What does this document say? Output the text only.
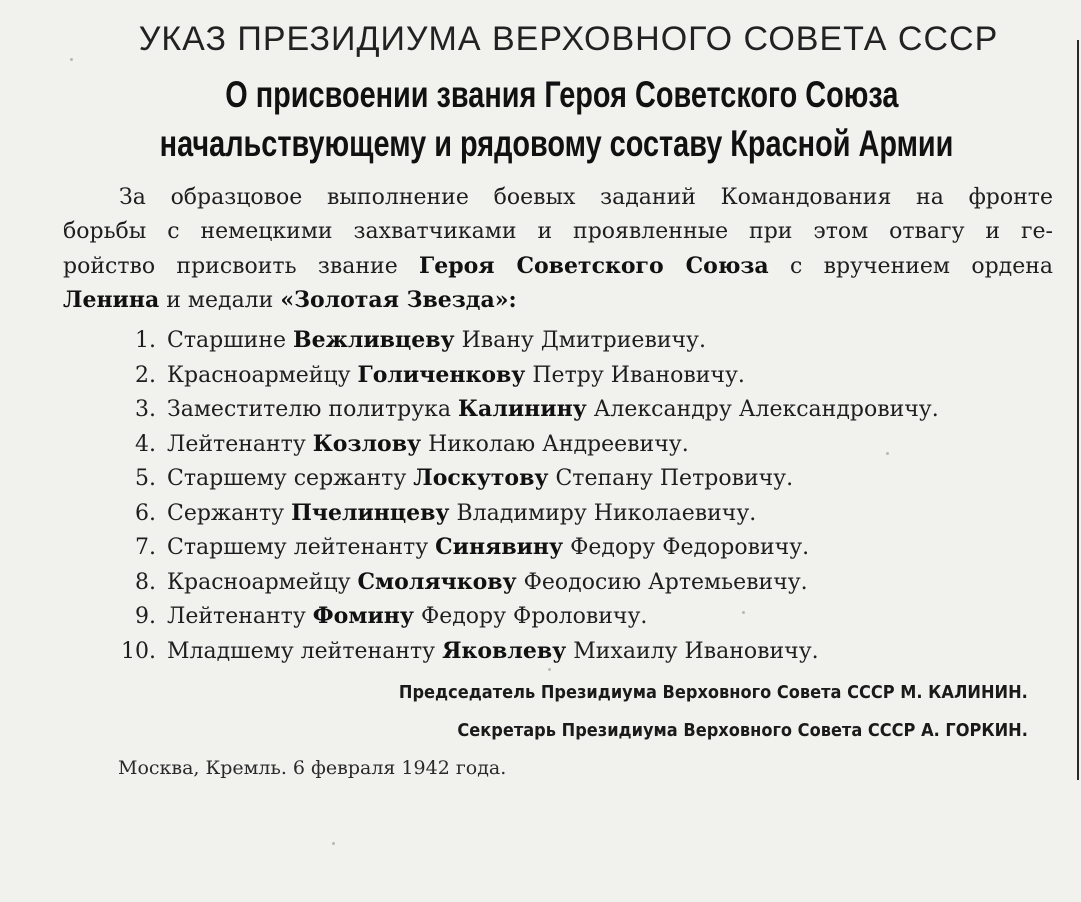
УКАЗ ПРЕЗИДИУМА ВЕРХОВНОГО СОВЕТА СССР
О присвоении звания Героя Советского Союза
начальствующему и рядовому составу Красной Армии
За образцовое выполнение боевых заданий Командования на фронте
борьбы с немецкими захватчиками и проявленные при этом отвагу и ге-
ройство присвоить звание Героя Советского Союза с вручением ордена
Ленина и медали «Золотая Звезда»:
1. Старшине Вежливцеву Ивану Дмитриевичу.
2. Красноармейцу Голиченкову Петру Ивановичу.
3. Заместителю политрука Калинину Александру Александровичу.
4. Лейтенанту Козлову Николаю Андреевичу.
5. Старшему сержанту Лоскутову Степану Петровичу.
6. Сержанту Пчелинцеву Владимиру Николаевичу.
7. Старшему лейтенанту Синявину Федору Федоровичу.
8. Красноармейцу Смолячкову Феодосию Артемьевичу.
9. Лейтенанту Фомину Федору Фроловичу.
10. Младшему лейтенанту Яковлеву Михаилу Ивановичу.
Председатель Президиума Верховного Совета СССР М. КАЛИНИН.
Секретарь Президиума Верховного Совета СССР А. ГОРКИН.
Москва, Кремль. 6 февраля 1942 года.
